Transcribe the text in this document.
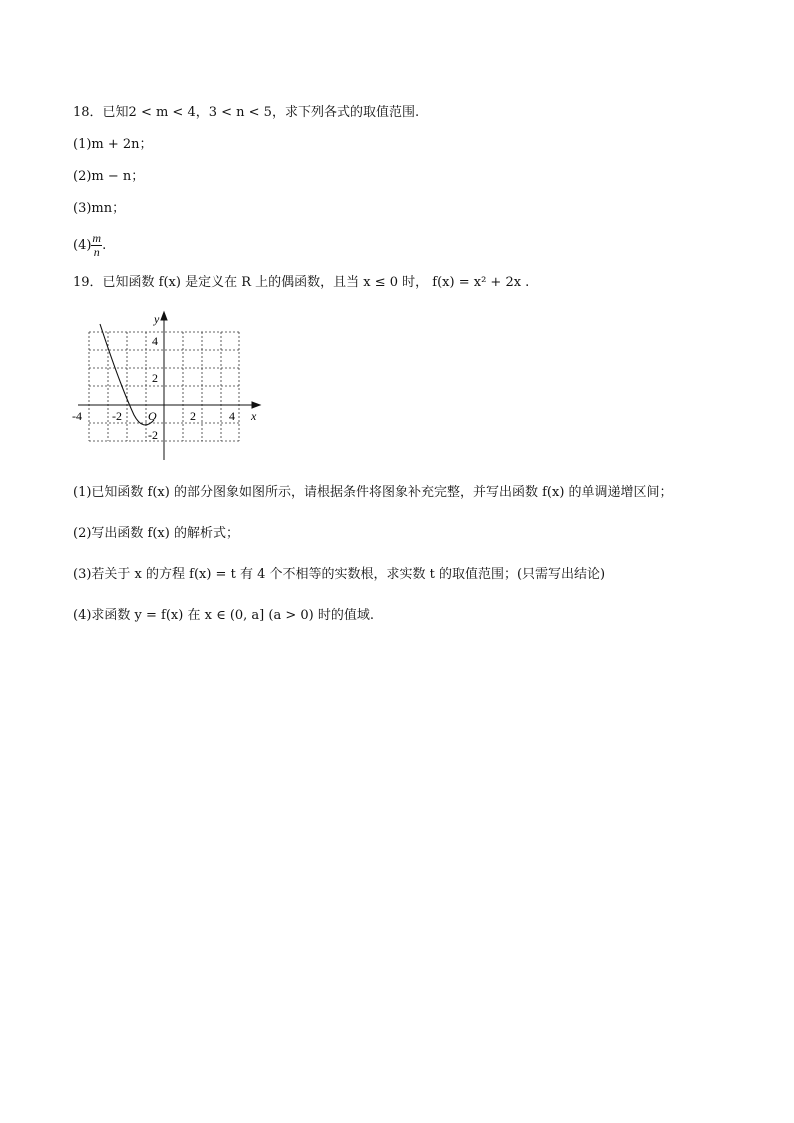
18．已知2 < m < 4，3 < n < 5，求下列各式的取值范围.
(1)m + 2n；
(2)m − n；
(3)mn；
$(4) \frac{m}{n}$ .
19．已知函数 f(x) 是定义在 R 上的偶函数，且当 x ≤ 0 时， f(x) = x² + 2x .
y
x
O
-4	-2	2	4
4
2
-2
(1)已知函数 f(x) 的部分图象如图所示，请根据条件将图象补充完整，并写出函数 f(x) 的单调递增区间；
(2)写出函数 f(x) 的解析式；
(3)若关于 x 的方程 f(x) = t 有 4 个不相等的实数根，求实数 t 的取值范围；(只需写出结论)
(4)求函数 y = f(x) 在 x ∈ (0, a] (a > 0) 时的值域.
